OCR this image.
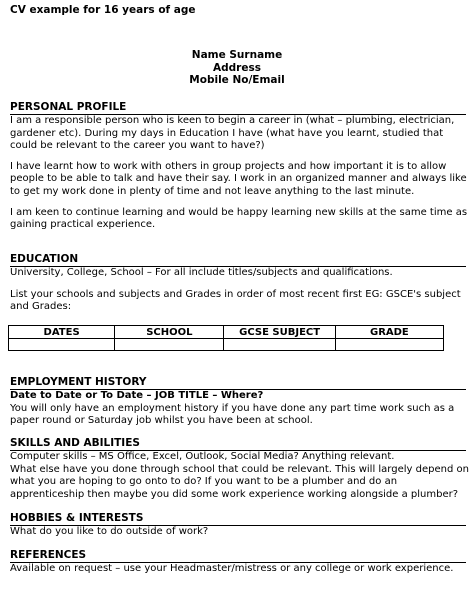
CV example for 16 years of age
Name Surname
Address
Mobile No/Email
PERSONAL PROFILE

I am a responsible person who is keen to begin a career in (what – plumbing, electrician, gardener etc). During my days in Education I have (what have you learnt, studied that could be relevant to the career you want to have?)

I have learnt how to work with others in group projects and how important it is to allow people to be able to talk and have their say. I work in an organized manner and always like to get my work done in plenty of time and not leave anything to the last minute.

I am keen to continue learning and would be happy learning new skills at the same time as gaining practical experience.

EDUCATION

University, College, School – For all include titles/subjects and qualifications.

List your schools and subjects and Grades in order of most recent first EG: GSCE's subject and Grades:

DATES	SCHOOL	GCSE SUBJECT	GRADE

EMPLOYMENT HISTORY

Date to Date or To Date – JOB TITLE – Where?

You will only have an employment history if you have done any part time work such as a paper round or Saturday job whilst you have been at school.

SKILLS AND ABILITIES

Computer skills – MS Office, Excel, Outlook, Social Media? Anything relevant.

What else have you done through school that could be relevant. This will largely depend on what you are hoping to go onto to do? If you want to be a plumber and do an apprenticeship then maybe you did some work experience working alongside a plumber?

HOBBIES & INTERESTS

What do you like to do outside of work?

REFERENCES

Available on request – use your Headmaster/mistress or any college or work experience.
